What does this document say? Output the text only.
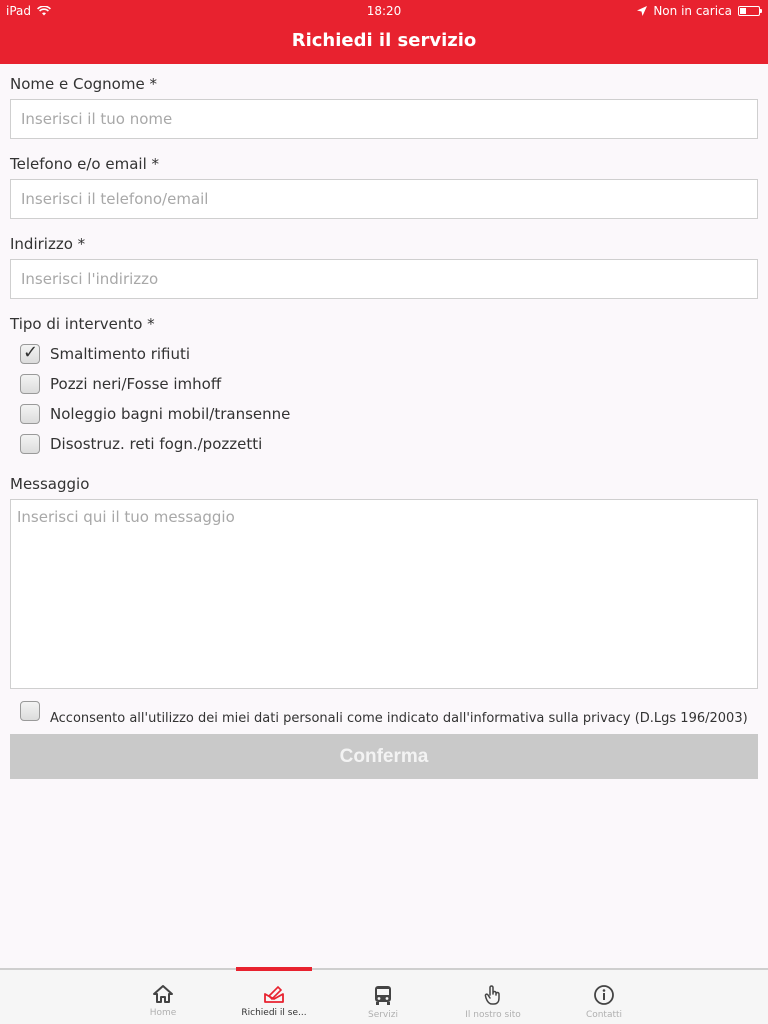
iPad	18:20	Non in carica
Richiedi il servizio
Nome e Cognome *
Inserisci il tuo nome
Telefono e/o email *
Inserisci il telefono/email
Indirizzo *
Inserisci l'indirizzo
Tipo di intervento *
✓
Smaltimento rifiuti
Pozzi neri/Fosse imhoff
Noleggio bagni mobil/transenne
Disostruz. reti fogn./pozzetti
Messaggio
Inserisci qui il tuo messaggio
Acconsento all'utilizzo dei miei dati personali come indicato dall'informativa sulla privacy (D.Lgs 196/2003)
Conferma
Home	Richiedi il se...	Servizi	Il nostro sito	Contatti
